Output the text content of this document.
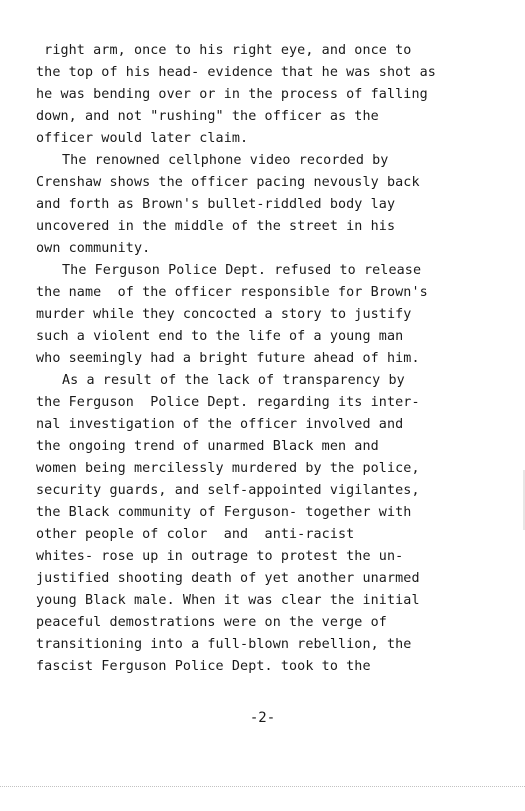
right arm, once to his right eye, and once to
the top of his head- evidence that he was shot as
he was bending over or in the process of falling
down, and not "rushing" the officer as the
officer would later claim.
The renowned cellphone video recorded by
Crenshaw shows the officer pacing nevously back
and forth as Brown's bullet-riddled body lay
uncovered in the middle of the street in his
own community.
The Ferguson Police Dept. refused to release
the name  of the officer responsible for Brown's
murder while they concocted a story to justify
such a violent end to the life of a young man
who seemingly had a bright future ahead of him.
As a result of the lack of transparency by
the Ferguson  Police Dept. regarding its inter-
nal investigation of the officer involved and
the ongoing trend of unarmed Black men and
women being mercilessly murdered by the police,
security guards, and self-appointed vigilantes,
the Black community of Ferguson- together with
other people of color  and  anti-racist
whites- rose up in outrage to protest the un-
justified shooting death of yet another unarmed
young Black male. When it was clear the initial
peaceful demostrations were on the verge of
transitioning into a full-blown rebellion, the
fascist Ferguson Police Dept. took to the
-2-
